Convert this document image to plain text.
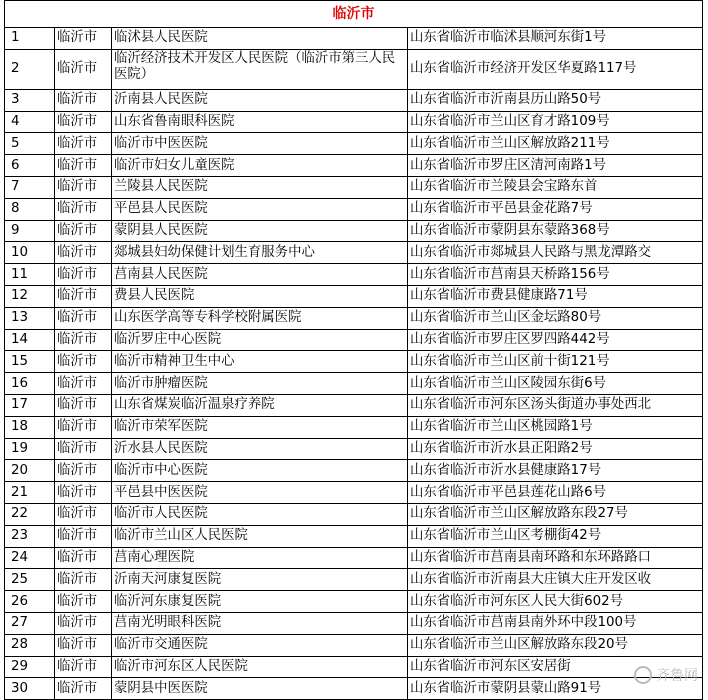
临沂市			
1	临沂市	临沭县人民医院	山东省临沂市临沭县顺河东街1号
2	临沂市	临沂经济技术开发区人民医院（临沂市第三人民医院）	山东省临沂市经济开发区华夏路117号
3	临沂市	沂南县人民医院	山东省临沂市沂南县历山路50号
4	临沂市	山东省鲁南眼科医院	山东省临沂市兰山区育才路109号
5	临沂市	临沂市中医医院	山东省临沂市兰山区解放路211号
6	临沂市	临沂市妇女儿童医院	山东省临沂市罗庄区清河南路1号
7	临沂市	兰陵县人民医院	山东省临沂市兰陵县会宝路东首
8	临沂市	平邑县人民医院	山东省临沂市平邑县金花路7号
9	临沂市	蒙阴县人民医院	山东省临沂市蒙阴县东蒙路368号
10	临沂市	郯城县妇幼保健计划生育服务中心	山东省临沂市郯城县人民路与黑龙潭路交
11	临沂市	莒南县人民医院	山东省临沂市莒南县天桥路156号
12	临沂市	费县人民医院	山东省临沂市费县健康路71号
13	临沂市	山东医学高等专科学校附属医院	山东省临沂市兰山区金坛路80号
14	临沂市	临沂罗庄中心医院	山东省临沂市罗庄区罗四路442号
15	临沂市	临沂市精神卫生中心	山东省临沂市兰山区前十街121号
16	临沂市	临沂市肿瘤医院	山东省临沂市兰山区陵园东街6号
17	临沂市	山东省煤炭临沂温泉疗养院	山东省临沂市河东区汤头街道办事处西北
18	临沂市	临沂市荣军医院	山东省临沂市兰山区桃园路1号
19	临沂市	沂水县人民医院	山东省临沂市沂水县正阳路2号
20	临沂市	临沂市中心医院	山东省临沂市沂水县健康路17号
21	临沂市	平邑县中医医院	山东省临沂市平邑县莲花山路6号
22	临沂市	临沂市人民医院	山东省临沂市兰山区解放路东段27号
23	临沂市	临沂市兰山区人民医院	山东省临沂市兰山区考棚街42号
24	临沂市	莒南心理医院	山东省临沂市莒南县南环路和东环路路口
25	临沂市	沂南天河康复医院	山东省临沂市沂南县大庄镇大庄开发区收
26	临沂市	临沂河东康复医院	山东省临沂市河东区人民大街602号
27	临沂市	莒南光明眼科医院	山东省临沂市莒南县南外环中段100号
28	临沂市	临沂市交通医院	山东省临沂市兰山区解放路东段20号
29	临沂市	临沂市河东区人民医院	山东省临沂市河东区安居街
30	临沂市	蒙阴县中医医院	山东省临沂市蒙阴县蒙山路91号
齐鲁网
